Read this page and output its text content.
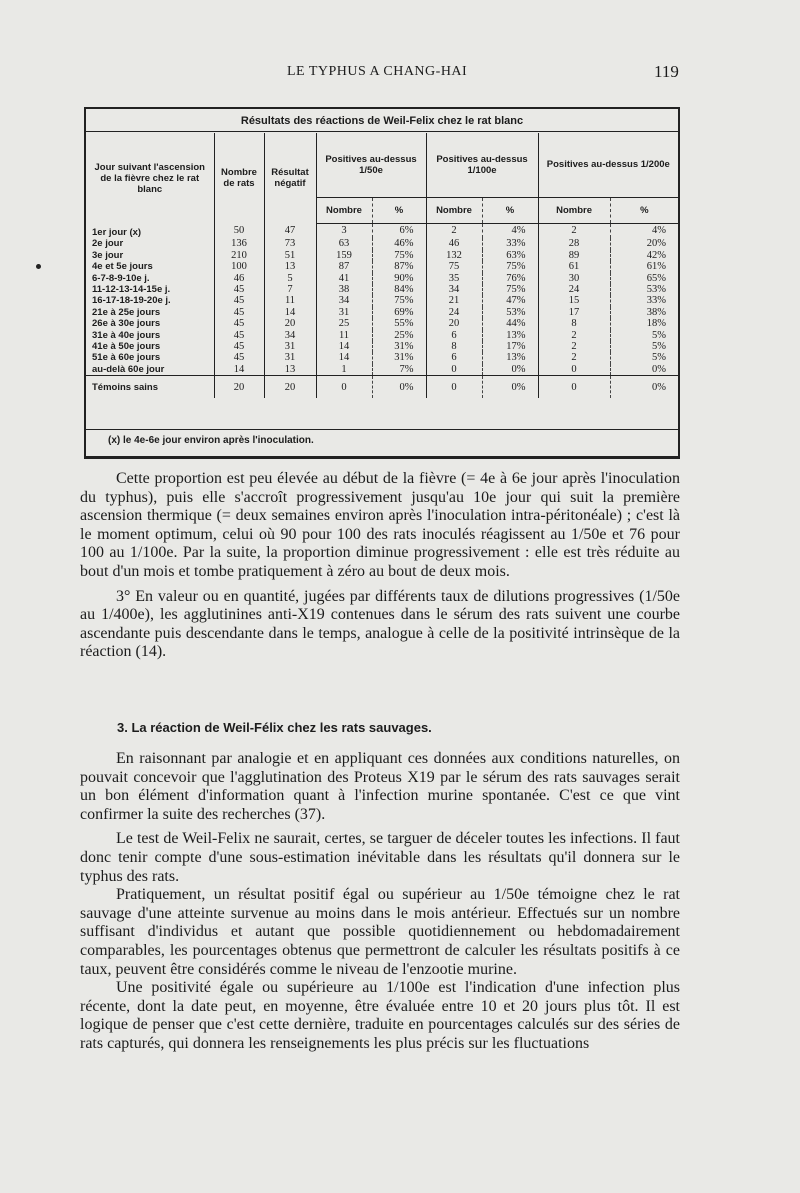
LE TYPHUS A CHANG-HAI	119
Résultats des réactions de Weil-Felix chez le rat blanc
Jour suivant l'ascension de la fièvre chez le rat blanc	Nombre de rats	Résultat négatif	Positives au-dessus 1/50e		Positives au-dessus 1/100e		Positives au-dessus 1/200e	
			Nombre	%	Nombre	%	Nombre	%
1er jour (x)	50	47	3	6%	2	4%	2	4%
2e jour	136	73	63	46%	46	33%	28	20%
3e jour	210	51	159	75%	132	63%	89	42%
4e et 5e jours	100	13	87	87%	75	75%	61	61%
6-7-8-9-10e j.	46	5	41	90%	35	76%	30	65%
11-12-13-14-15e j.	45	7	38	84%	34	75%	24	53%
16-17-18-19-20e j.	45	11	34	75%	21	47%	15	33%
21e à 25e jours	45	14	31	69%	24	53%	17	38%
26e à 30e jours	45	20	25	55%	20	44%	8	18%
31e à 40e jours	45	34	11	25%	6	13%	2	5%
41e à 50e jours	45	31	14	31%	8	17%	2	5%
51e à 60e jours	45	31	14	31%	6	13%	2	5%
au-delà 60e jour	14	13	1	7%	0	0%	0	0%
Témoins sains	20	20	0	0%	0	0%	0	0%
(x) le 4e-6e jour environ après l'inoculation.

Cette proportion est peu élevée au début de la fièvre (= 4e à 6e jour après l'inoculation du typhus), puis elle s'accroît progressivement jusqu'au 10e jour qui suit la première ascension thermique (= deux semaines environ après l'inoculation intra-péritonéale) ; c'est là le moment optimum, celui où 90 pour 100 des rats inoculés réagissent au 1/50e et 76 pour 100 au 1/100e. Par la suite, la proportion diminue progressivement : elle est très réduite au bout d'un mois et tombe pratiquement à zéro au bout de deux mois.

3° En valeur ou en quantité, jugées par différents taux de dilutions progressives (1/50e au 1/400e), les agglutinines anti-X19 contenues dans le sérum des rats suivent une courbe ascendante puis descendante dans le temps, analogue à celle de la positivité intrinsèque de la réaction (14).

3. La réaction de Weil-Félix chez les rats sauvages.

En raisonnant par analogie et en appliquant ces données aux conditions naturelles, on pouvait concevoir que l'agglutination des Proteus X19 par le sérum des rats sauvages serait un bon élément d'information quant à l'infection murine spontanée. C'est ce que vint confirmer la suite des recherches (37).

Le test de Weil-Felix ne saurait, certes, se targuer de déceler toutes les infections. Il faut donc tenir compte d'une sous-estimation inévitable dans les résultats qu'il donnera sur le typhus des rats.

Pratiquement, un résultat positif égal ou supérieur au 1/50e témoigne chez le rat sauvage d'une atteinte survenue au moins dans le mois antérieur. Effectués sur un nombre suffisant d'individus et autant que possible quotidiennement ou hebdomadairement comparables, les pourcentages obtenus que permettront de calculer les résultats positifs à ce taux, peuvent être considérés comme le niveau de l'enzootie murine.

Une positivité égale ou supérieure au 1/100e est l'indication d'une infection plus récente, dont la date peut, en moyenne, être évaluée entre 10 et 20 jours plus tôt. Il est logique de penser que c'est cette dernière, traduite en pourcentages calculés sur des séries de rats capturés, qui donnera les renseignements les plus précis sur les fluctuations
